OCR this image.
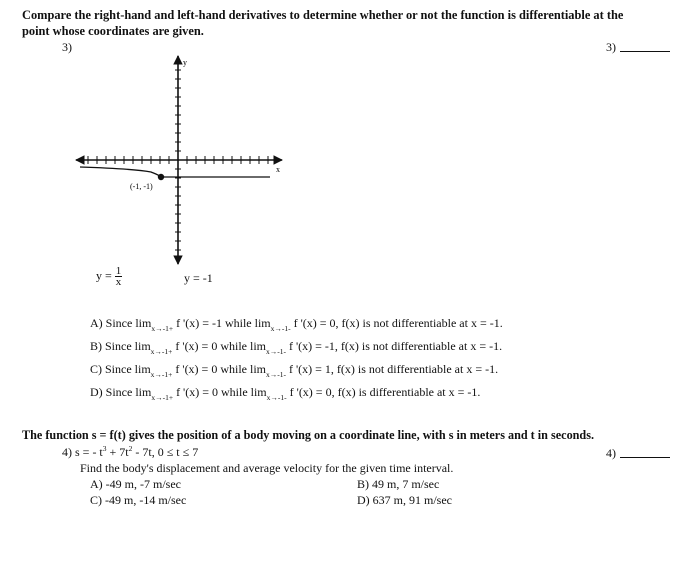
Compare the right-hand and left-hand derivatives to determine whether or not the function is differentiable at the
point whose coordinates are given.
3)	3)
y
x
(-1, -1)
$y = \frac{1}{x}$	y = -1
A) Since $\lim_{x\to-1+} f$ '(x) = -1 while $\lim_{x\to-1-} f$ '(x) = 0, f(x) is not differentiable at x = -1.
B) Since $\lim_{x\to-1+} f$ '(x) = 0 while $\lim_{x\to-1-} f$ '(x) = -1, f(x) is not differentiable at x = -1.
C) Since $\lim_{x\to-1+} f$ '(x) = 0 while $\lim_{x\to-1-} f$ '(x) = 1, f(x) is not differentiable at x = -1.
D) Since $\lim_{x\to-1+} f$ '(x) = 0 while $\lim_{x\to-1-} f$ '(x) = 0, f(x) is differentiable at x = -1.
The function s = f(t) gives the position of a body moving on a coordinate line, with s in meters and t in seconds.
4) s = - $t^3 + 7t^2 - 7t$, 0 ≤ t ≤ 7	4)
Find the body's displacement and average velocity for the given time interval.
A) -49 m, -7 m/sec	B) 49 m, 7 m/sec
C) -49 m, -14 m/sec	D) 637 m, 91 m/sec
